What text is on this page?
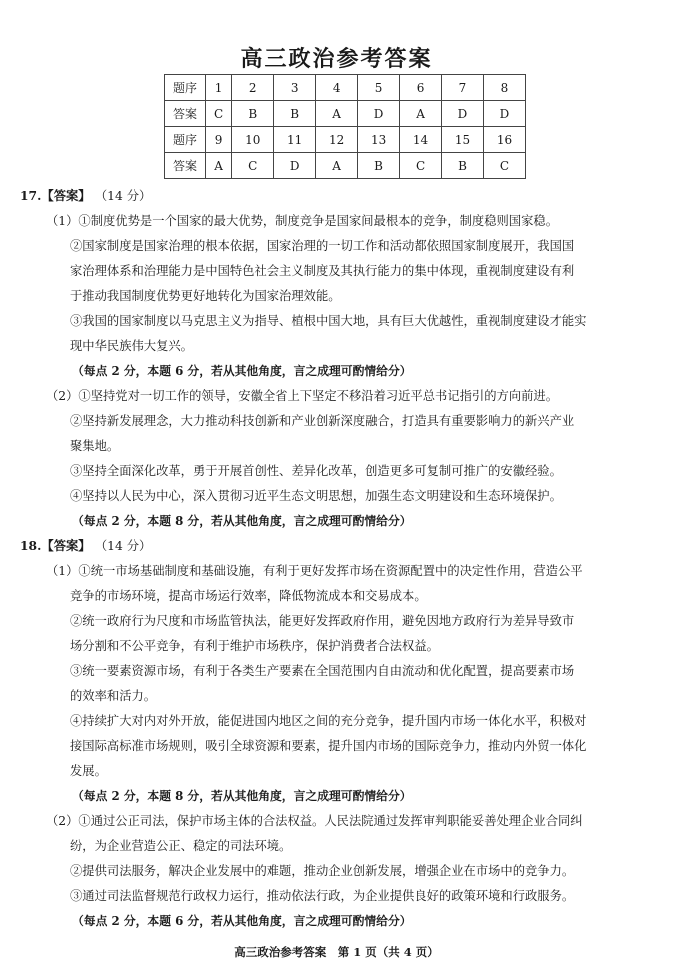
高三政治参考答案
题序	1	2	3	4	5	6	7	8
答案	C	B	B	A	D	A	D	D
题序	9	10	11	12	13	14	15	16
答案	A	C	D	A	B	C	B	C
17.【答案】 （14 分）
（1）①制度优势是一个国家的最大优势，制度竞争是国家间最根本的竞争，制度稳则国家稳。
②国家制度是国家治理的根本依据，国家治理的一切工作和活动都依照国家制度展开，我国国
家治理体系和治理能力是中国特色社会主义制度及其执行能力的集中体现，重视制度建设有利
于推动我国制度优势更好地转化为国家治理效能。
③我国的国家制度以马克思主义为指导、植根中国大地，具有巨大优越性，重视制度建设才能实
现中华民族伟大复兴。
（每点 2 分，本题 6 分，若从其他角度，言之成理可酌情给分）
（2）①坚持党对一切工作的领导，安徽全省上下坚定不移沿着习近平总书记指引的方向前进。
②坚持新发展理念，大力推动科技创新和产业创新深度融合，打造具有重要影响力的新兴产业
聚集地。
③坚持全面深化改革，勇于开展首创性、差异化改革，创造更多可复制可推广的安徽经验。
④坚持以人民为中心，深入贯彻习近平生态文明思想，加强生态文明建设和生态环境保护。
（每点 2 分，本题 8 分，若从其他角度，言之成理可酌情给分）
18.【答案】 （14 分）
（1）①统一市场基础制度和基础设施，有利于更好发挥市场在资源配置中的决定性作用，营造公平
竞争的市场环境，提高市场运行效率，降低物流成本和交易成本。
②统一政府行为尺度和市场监管执法，能更好发挥政府作用，避免因地方政府行为差异导致市
场分割和不公平竞争，有利于维护市场秩序，保护消费者合法权益。
③统一要素资源市场，有利于各类生产要素在全国范围内自由流动和优化配置，提高要素市场
的效率和活力。
④持续扩大对内对外开放，能促进国内地区之间的充分竞争，提升国内市场一体化水平，积极对
接国际高标准市场规则，吸引全球资源和要素，提升国内市场的国际竞争力，推动内外贸一体化
发展。
（每点 2 分，本题 8 分，若从其他角度，言之成理可酌情给分）
（2）①通过公正司法，保护市场主体的合法权益。人民法院通过发挥审判职能妥善处理企业合同纠
纷，为企业营造公正、稳定的司法环境。
②提供司法服务，解决企业发展中的难题，推动企业创新发展，增强企业在市场中的竞争力。
③通过司法监督规范行政权力运行，推动依法行政，为企业提供良好的政策环境和行政服务。
（每点 2 分，本题 6 分，若从其他角度，言之成理可酌情给分）
高三政治参考答案　第 1 页（共 4 页）
